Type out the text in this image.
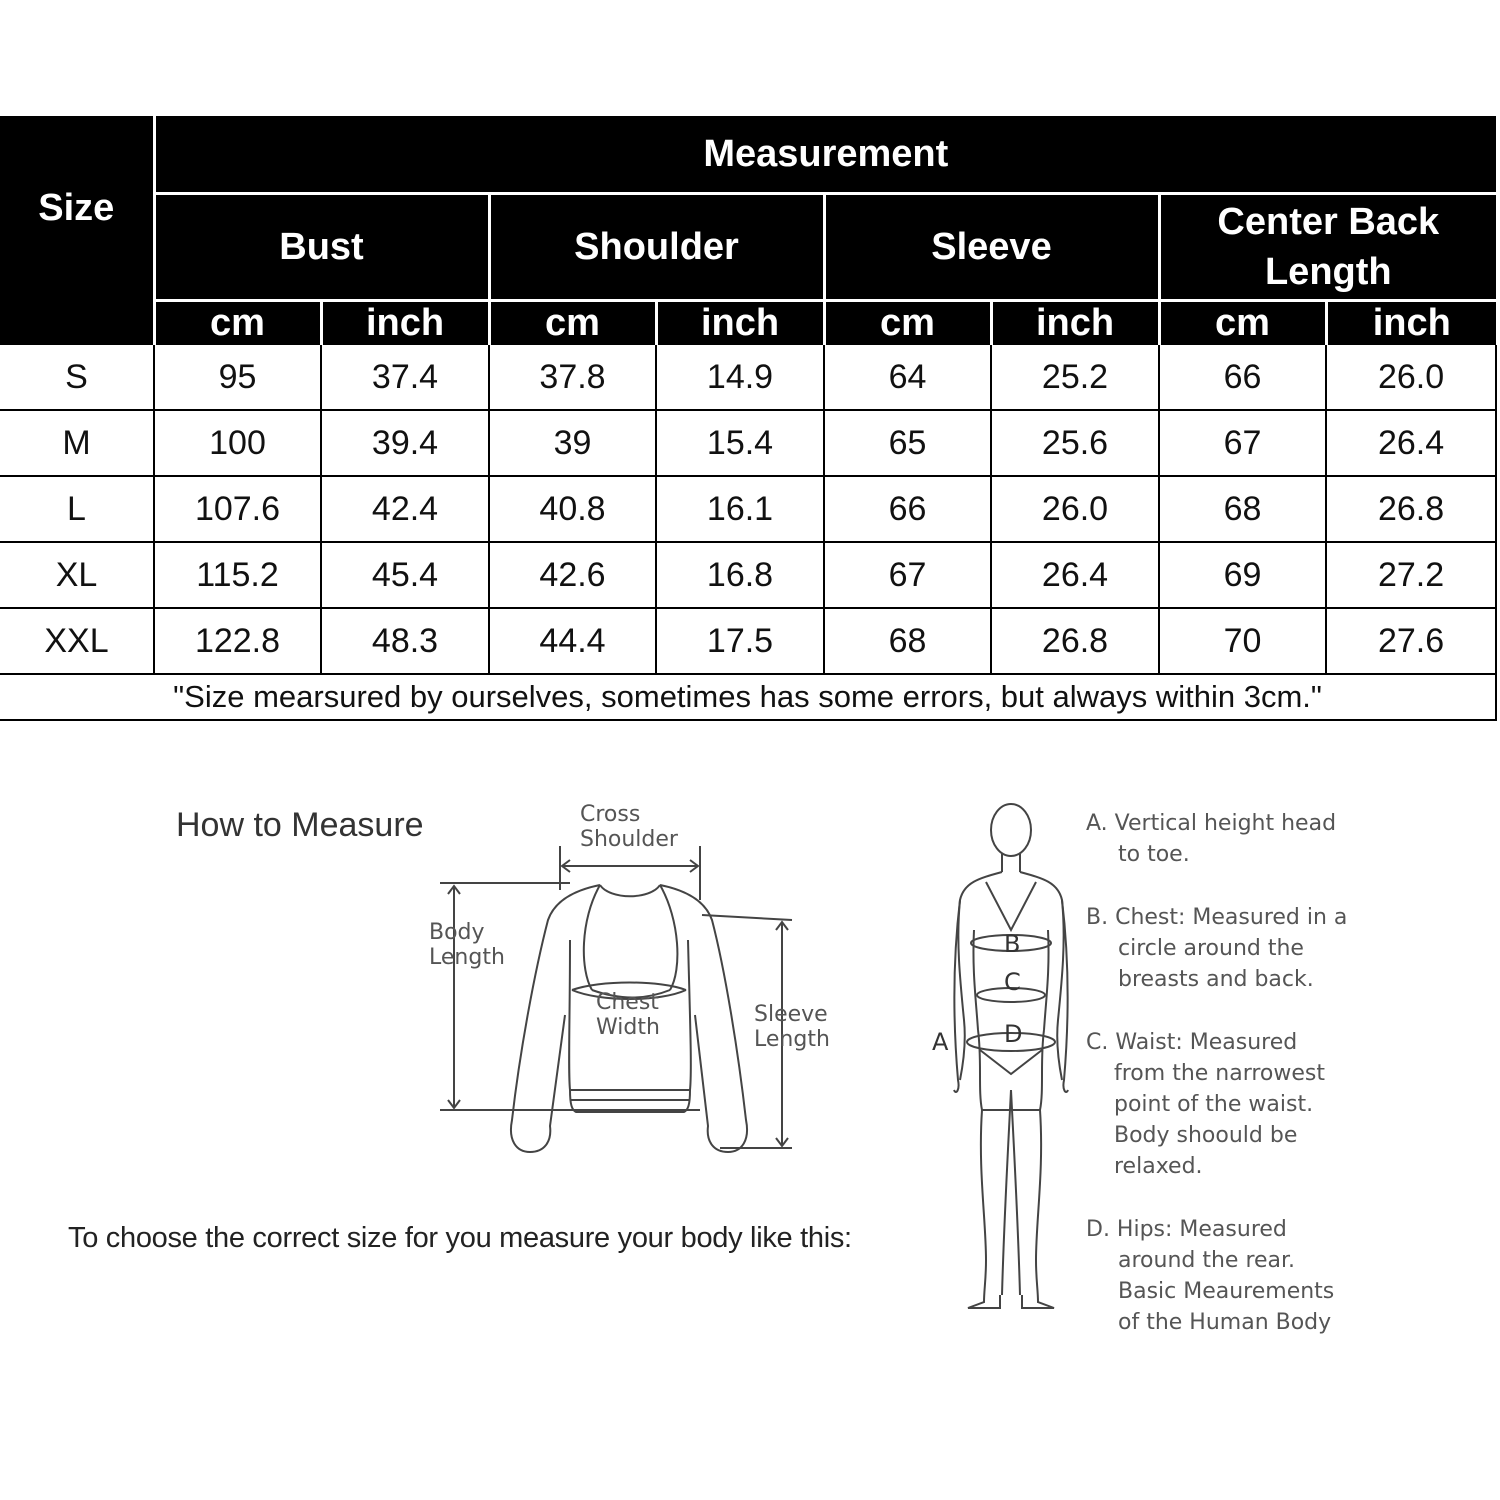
Size	Measurement							
	Bust		Shoulder		Sleeve		Center Back Length	
	cm	inch	cm	inch	cm	inch	cm	inch
S	95	37.4	37.8	14.9	64	25.2	66	26.0
M	100	39.4	39	15.4	65	25.6	67	26.4
L	107.6	42.4	40.8	16.1	66	26.0	68	26.8
XL	115.2	45.4	42.6	16.8	67	26.4	69	27.2
XXL	122.8	48.3	44.4	17.5	68	26.8	70	27.6
"Size mearsured by ourselves, sometimes has some errors, but always within 3cm."								
How to Measure
To choose the correct size for you measure your body like this:
Cross
Shoulder
Body
Length
Chest
Width
Sleeve
Length	A
B
C
D
A. Vertical height head
to toe.
B. Chest: Measured in a
circle around the
breasts and back.
C. Waist: Measured
from the narrowest
point of the waist.
Body shoould be
relaxed.
D. Hips: Measured
around the rear.
Basic Meaurements
of the Human Body
